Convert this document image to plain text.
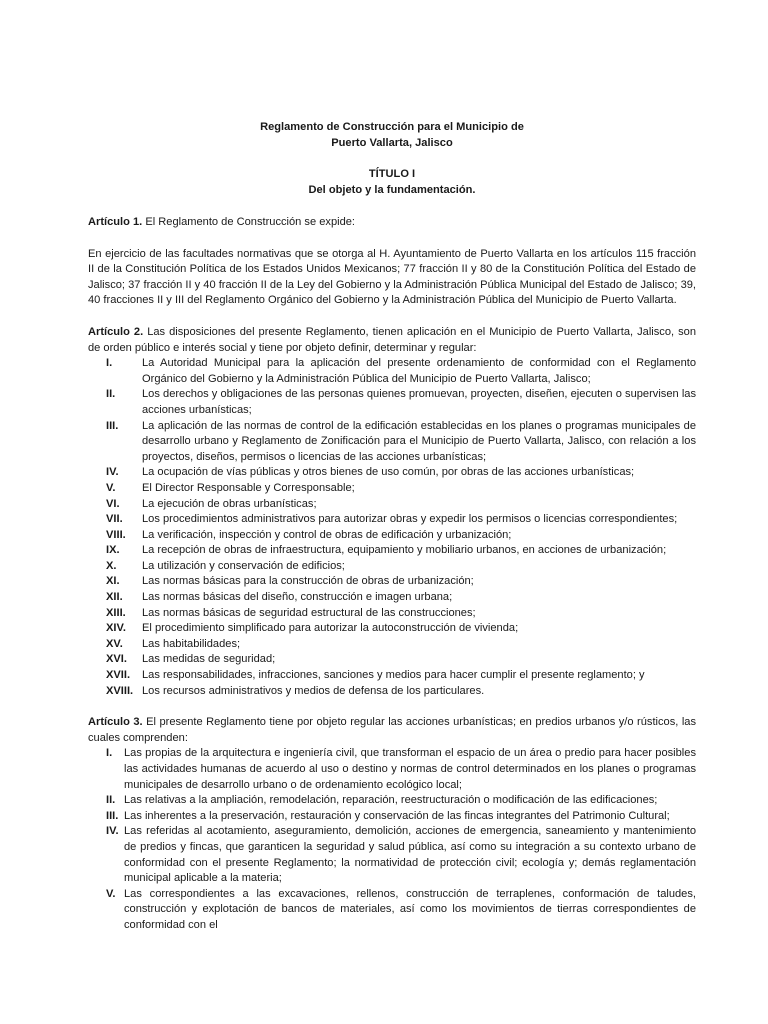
Reglamento de Construcción para el Municipio de
Puerto Vallarta, Jalisco
TÍTULO I
Del objeto y la fundamentación.

Artículo 1. El Reglamento de Construcción se expide:

En ejercicio de las facultades normativas que se otorga al H. Ayuntamiento de Puerto Vallarta en los artículos 115 fracción II de la Constitución Política de los Estados Unidos Mexicanos; 77 fracción II y 80 de la Constitución Política del Estado de Jalisco; 37 fracción II y 40 fracción II de la Ley del Gobierno y la Administración Pública Municipal del Estado de Jalisco; 39, 40 fracciones II y III del Reglamento Orgánico del Gobierno y la Administración Pública del Municipio de Puerto Vallarta.

Artículo 2. Las disposiciones del presente Reglamento, tienen aplicación en el Municipio de Puerto Vallarta, Jalisco, son de orden público e interés social y tiene por objeto definir, determinar y regular:

I.	La Autoridad Municipal para la aplicación del presente ordenamiento de conformidad con el Reglamento Orgánico del Gobierno y la Administración Pública del Municipio de Puerto Vallarta, Jalisco;
II. Los derechos y obligaciones de las personas quienes promuevan, proyecten, diseñen, ejecuten o supervisen las acciones urbanísticas;
III. La aplicación de las normas de control de la edificación establecidas en los planes o programas municipales de desarrollo urbano y Reglamento de Zonificación para el Municipio de Puerto Vallarta, Jalisco, con relación a los proyectos, diseños, permisos o licencias de las acciones urbanísticas;
IV. La ocupación de vías públicas y otros bienes de uso común, por obras de las acciones urbanísticas;
V. El Director Responsable y Corresponsable;
VI. La ejecución de obras urbanísticas;
VII. Los procedimientos administrativos para autorizar obras y expedir los permisos o licencias correspondientes;
VIII. La verificación, inspección y control de obras de edificación y urbanización;
IX. La recepción de obras de infraestructura, equipamiento y mobiliario urbanos, en acciones de urbanización;
X. La utilización y conservación de edificios;
XI. Las normas básicas para la construcción de obras de urbanización;
XII. Las normas básicas del diseño, construcción e imagen urbana;
XIII. Las normas básicas de seguridad estructural de las construcciones;
XIV. El procedimiento simplificado para autorizar la autoconstrucción de vivienda;
XV. Las habitabilidades;
XVI. Las medidas de seguridad;
XVII. Las responsabilidades, infracciones, sanciones y medios para hacer cumplir el presente reglamento; y
XVIII. Los recursos administrativos y medios de defensa de los particulares.

Artículo 3. El presente Reglamento tiene por objeto regular las acciones urbanísticas; en predios urbanos y/o rústicos, las cuales comprenden:

I. Las propias de la arquitectura e ingeniería civil, que transforman el espacio de un área o predio para hacer posibles las actividades humanas de acuerdo al uso o destino y normas de control determinados en los planes o programas municipales de desarrollo urbano o de ordenamiento ecológico local;
II. Las relativas a la ampliación, remodelación, reparación, reestructuración o modificación de las edificaciones;
III. Las inherentes a la preservación, restauración y conservación de las fincas integrantes del Patrimonio Cultural;
IV. Las referidas al acotamiento, aseguramiento, demolición, acciones de emergencia, saneamiento y mantenimiento de predios y fincas, que garanticen la seguridad y salud pública, así como su integración a su contexto urbano de conformidad con el presente Reglamento; la normatividad de protección civil; ecología y; demás reglamentación municipal aplicable a la materia;
V. Las correspondientes a las excavaciones, rellenos, construcción de terraplenes, conformación de taludes, construcción y explotación de bancos de materiales, así como los movimientos de tierras correspondientes de conformidad con el
